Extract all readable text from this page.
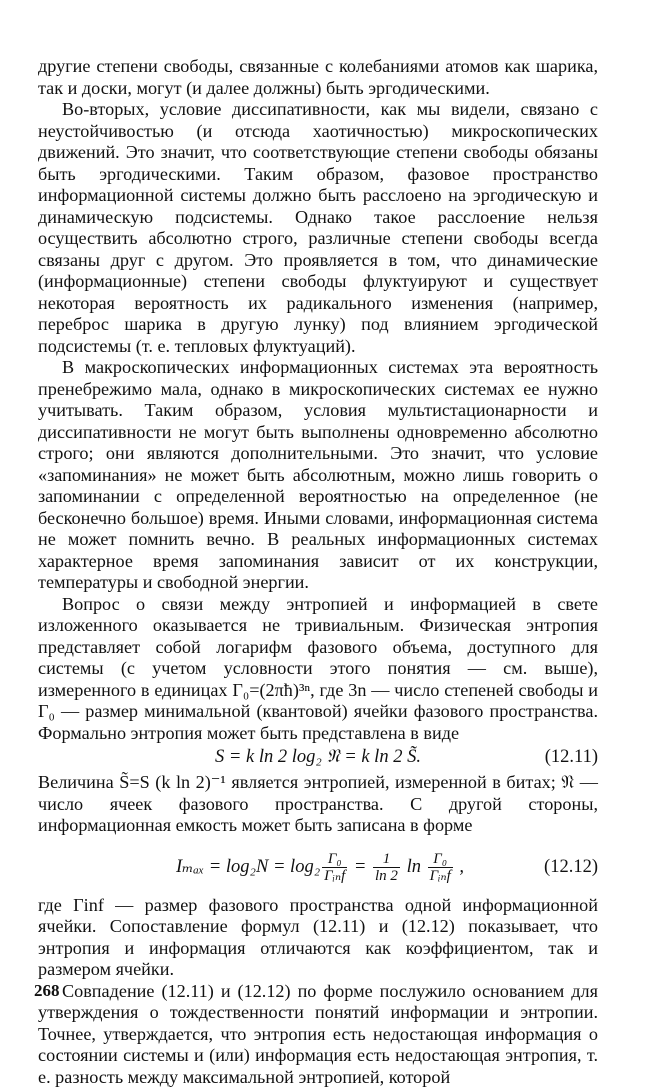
другие степени свободы, связанные с колебаниями атомов как шарика, так и доски, могут (и далее должны) быть эргодическими.

Во-вторых, условие диссипативности, как мы видели, связано с неустойчивостью (и отсюда хаотичностью) микроскопических движений. Это значит, что соответствующие степени свободы обязаны быть эргодическими. Таким образом, фазовое пространство информационной системы должно быть расслоено на эргодическую и динамическую подсистемы. Однако такое расслоение нельзя осуществить абсолютно строго, различные степени свободы всегда связаны друг с другом. Это проявляется в том, что динамические (информационные) степени свободы флуктуируют и существует некоторая вероятность их радикального изменения (например, переброс шарика в другую лунку) под влиянием эргодической подсистемы (т. е. тепловых флуктуаций).

В макроскопических информационных системах эта вероятность пренебрежимо мала, однако в микроскопических системах ее нужно учитывать. Таким образом, условия мультистационарности и диссипативности не могут быть выполнены одновременно абсолютно строго; они являются дополнительными. Это значит, что условие «запоминания» не может быть абсолютным, можно лишь говорить о запоминании с определенной вероятностью на определенное (не бесконечно большое) время. Иными словами, информационная система не может помнить вечно. В реальных информационных системах характерное время запоминания зависит от их конструкции, температуры и свободной энергии.

Вопрос о связи между энтропией и информацией в свете изложенного оказывается не тривиальным. Физическая энтропия представляет собой логарифм фазового объема, доступного для системы (с учетом условности этого понятия — см. выше), измеренного в единицах Γ₀=(2πħ)³ⁿ, где 3n — число степеней свободы и Γ₀ — размер минимальной (квантовой) ячейки фазового пространства. Формально энтропия может быть представлена в виде

S = k ln 2 log₂ 𝔑 = k ln 2 S̃.	(12.11)

Величина S̃=S (k ln 2)⁻¹ является энтропией, измеренной в битах; 𝔑 — число ячеек фазового пространства. С другой стороны, информационная емкость может быть записана в форме

$I_{max} = \log_2N = \log_2 \frac{\text{Γ₀}}{\text{Γᵢₙf}} = \frac{1}{\ln 2}$ $\ln \frac{\text{Γ₀}}{\text{Γᵢₙf}}$ ,	(12.12)

где Γinf — размер фазового пространства одной информационной ячейки. Сопоставление формул (12.11) и (12.12) показывает, что энтропия и информация отличаются как коэффициентом, так и размером ячейки.

Совпадение (12.11) и (12.12) по форме послужило основанием для утверждения о тождественности понятий информации и энтропии. Точнее, утверждается, что энтропия есть недостающая информация о состоянии системы и (или) информация есть недостающая энтропия, т. е. разность между максимальной энтропией, которой

268
